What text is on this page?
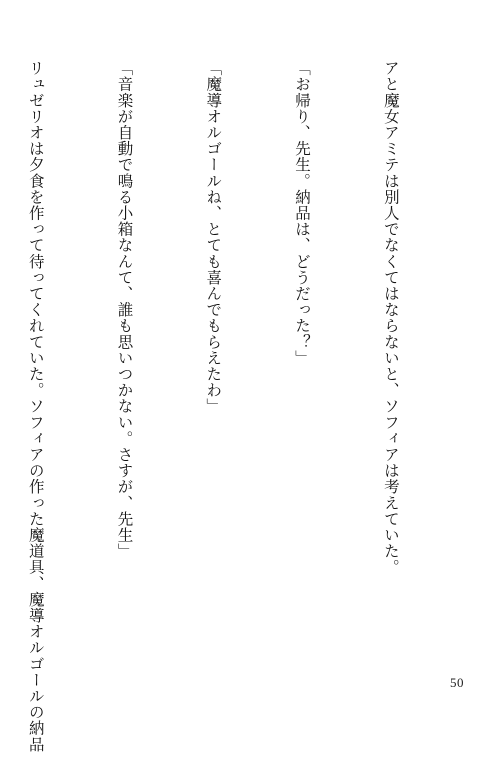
アと魔女アミテは別人でなくてはならないと、ソフィアは考えていた。

「お帰り、先生。納品は、どうだった？」

「魔導オルゴールね、とても喜んでもらえたわ」

「音楽が自動で鳴る小箱なんて、誰も思いつかない。さすが、先生」

リュゼリオは夕食を作って待ってくれていた。ソフィアの作った魔道具、魔導オルゴールの納品

	50
